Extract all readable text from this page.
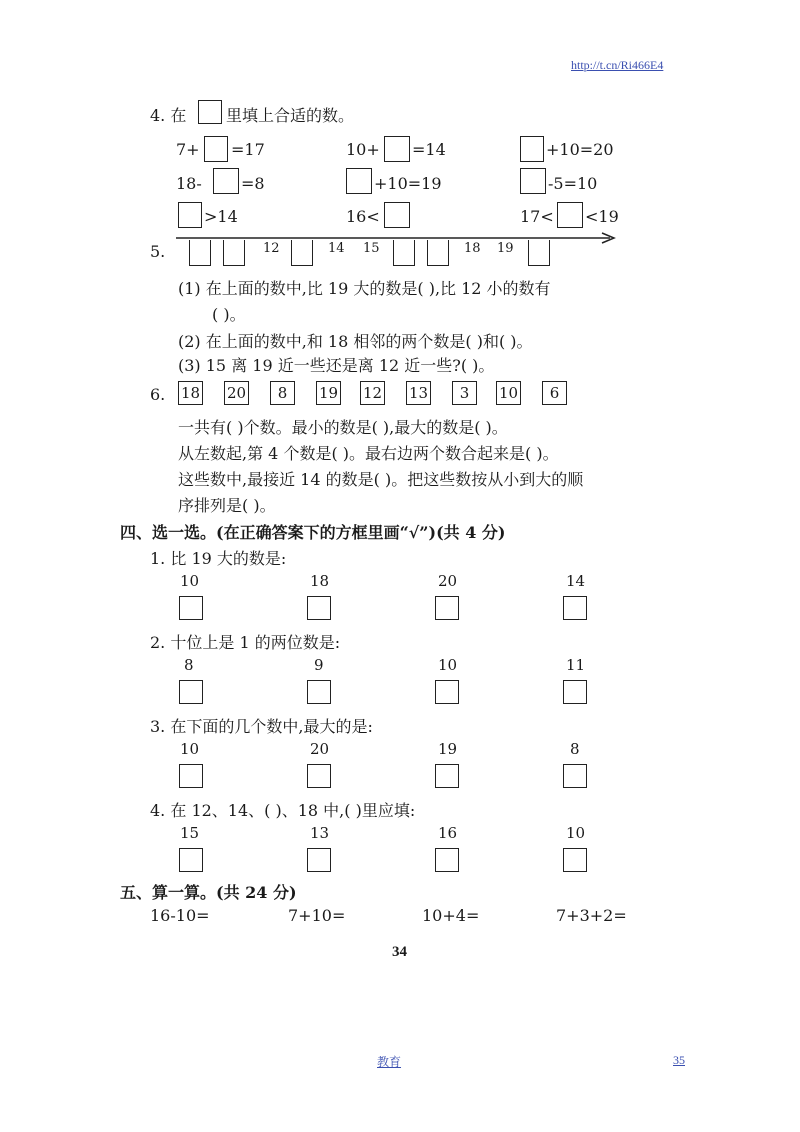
http://t.cn/Ri466E4
4. 在 里填上合适的数。
7+ =17	10+ =14	+10=20
18- =8	+10=19	-5=10
>14	16<	17< <19
5.	12	14 15	18 19
(1) 在上面的数中,比 19 大的数是( ),比 12 小的数有
( )。
(2) 在上面的数中,和 18 相邻的两个数是( )和( )。
(3) 15 离 19 近一些还是离 12 近一些?( )。
6. 18 20	8	19 12 13	3	10	6
一共有( )个数。最小的数是( ),最大的数是( )。
从左数起,第 4 个数是( )。最右边两个数合起来是( )。
这些数中,最接近 14 的数是( )。把这些数按从小到大的顺
序排列是( )。
四、选一选。(在正确答案下的方框里画“√”)(共 4 分)
1. 比 19 大的数是:
10	18	20	14
2. 十位上是 1 的两位数是:
8	9	10	11
3. 在下面的几个数中,最大的是:
10	20	19	8
4. 在 12、14、( )、18 中,( )里应填:
15	13	16	10
五、算一算。(共 24 分)
16-10=	7+10=	10+4=	7+3+2=
34
教育	35
